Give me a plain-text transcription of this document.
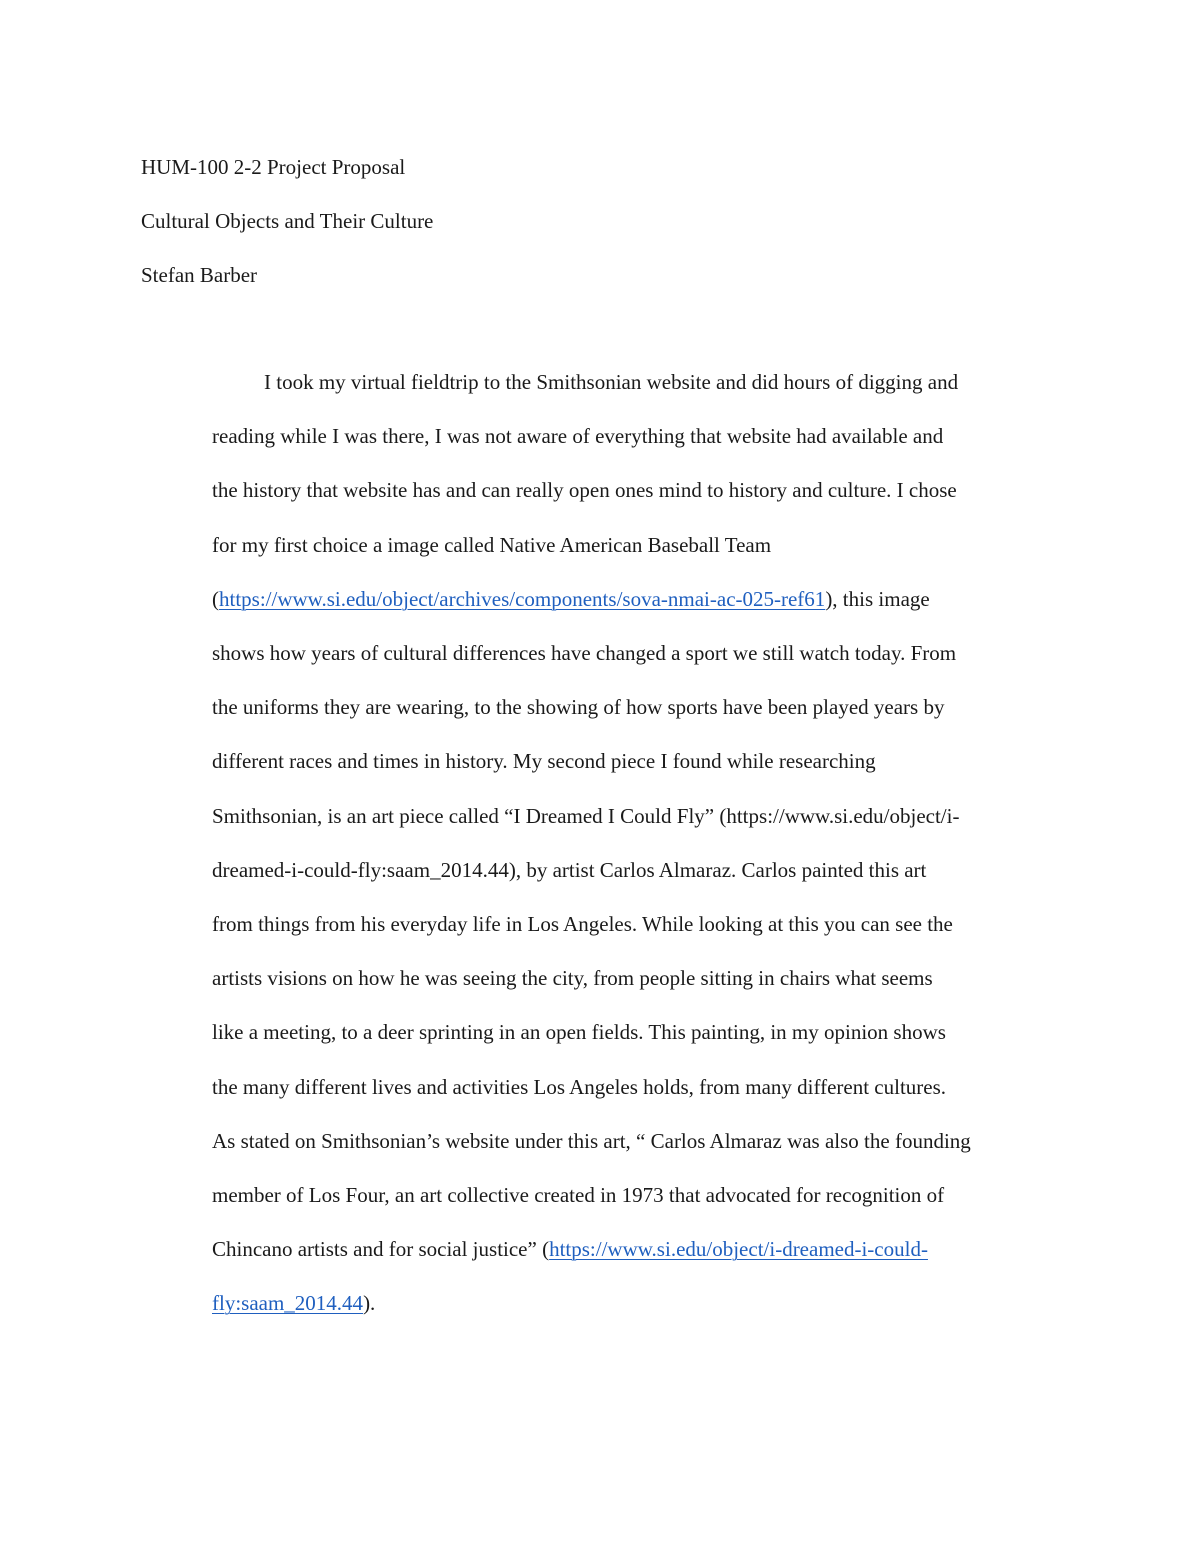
HUM-100 2-2 Project Proposal
Cultural Objects and Their Culture
Stefan Barber
I took my virtual fieldtrip to the Smithsonian website and did hours of digging and
reading while I was there, I was not aware of everything that website had available and
the history that website has and can really open ones mind to history and culture. I chose
for my first choice a image called Native American Baseball Team
(https://www.si.edu/object/archives/components/sova-nmai-ac-025-ref61), this image
shows how years of cultural differences have changed a sport we still watch today. From
the uniforms they are wearing, to the showing of how sports have been played years by
different races and times in history. My second piece I found while researching
Smithsonian, is an art piece called “I Dreamed I Could Fly” (https://www.si.edu/object/i-
dreamed-i-could-fly:saam_2014.44), by artist Carlos Almaraz. Carlos painted this art
from things from his everyday life in Los Angeles. While looking at this you can see the
artists visions on how he was seeing the city, from people sitting in chairs what seems
like a meeting, to a deer sprinting in an open fields. This painting, in my opinion shows
the many different lives and activities Los Angeles holds, from many different cultures.
As stated on Smithsonian’s website under this art, “ Carlos Almaraz was also the founding
member of Los Four, an art collective created in 1973 that advocated for recognition of
Chincano artists and for social justice” (https://www.si.edu/object/i-dreamed-i-could-
fly:saam_2014.44).
